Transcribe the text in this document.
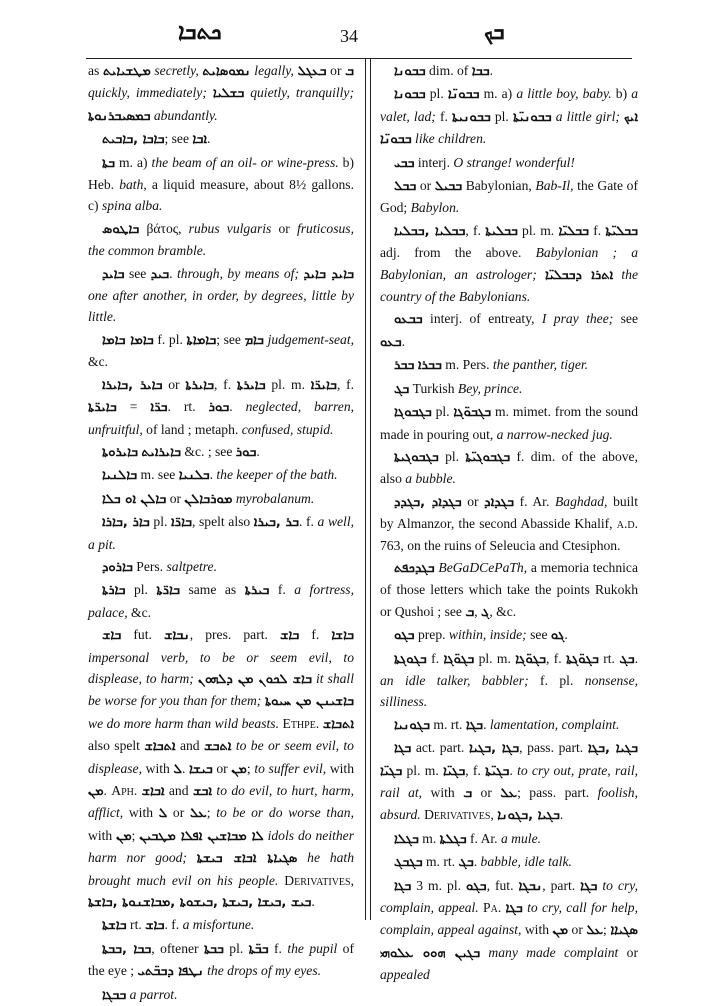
ܟܬܒܐ	34	ܒܟ

as ܡܛܫܝܐܝܬ secretly, ܢܡܘܣܐܝܬ legally, ܒܥܓܠ or ܒ quickly, immediately; ܒܫܠܝܐ quietly, tranquilly; ܒܡܣܝܒܪܢܘܬܐ abundantly.

ܒܐܒܐ ,ܒܐܒܝܬ; see ܐܒܐ.

ܒܬܐ m. a) the beam of an oil- or wine-press. b) Heb. bath, a liquid measure, about 8½ gallons. c) spina alba.

ܒܐܛܘܣ βάτος, rubus vulgaris or fruticosus, the common bramble.

ܒܐܝܕ see ܒܝܕ. through, by means of; ܒܐܝܕ ܒܐܝܕ one after another, in order, by degrees, little by little.

ܒܐܡܐ ܒܐܡܐ f. pl. ܒܐܡܐܬܐ; see ܒܐܡ judgement-seat, &c.

ܒܐܝܪ ,ܒܐܝܪܐ or ܒܐܝܪܬܐ, f. ܒܐܝܪܬܐ pl. m. ܒܐܝܪ̈ܐ, f. ܒܐܝܪ̈ܬܐ = ܒܪ̈ܐ. rt. ܒܘܪ. neglected, barren, unfruitful, of land ; metaph. confused, stupid.

ܒܐܝܪܘܬܐ ܒܐܝܪܐܝܬ &c. ; see ܒܘܪ.

ܒܐܠܢܝܐ m. see ܒܠܢܝܐ. the keeper of the bath.

ܒܐܠܢ ܐܘ ܒܠܐ or ܡܘܪܒܐܠܢ myrobalanum.

ܒܐܪ ,ܒܐܪܐ pl. ܒܐܪ̈ܐ, spelt also ܒܪ ,ܒܝܪܐ. f. a well, a pit.

ܒܐܪܘܕ Pers. saltpetre.

ܒܐܪܬܐ pl. ܒܐܪ̈ܬܐ same as ܒܝܪܬܐ f. a fortress, palace, &c.

ܒܐܫ fut. ܢܒܐܫ, pres. part. ܒܐܫ f. ܒܐܫܐ impersonal verb, to be or seem evil, to displease, to harm; ܒܐܫ ܠܟܘܢ ܡܢ ܕܠܗܘܢ it shall be worse for you than for them; ܒܐܫܝܢܢ ܡܢ ܚܝܘܬܐ we do more harm than wild beasts. Ethpe. ܐܬܒܐܫ also spelt ܐܬܒܐܫ and ܐܬܒܫ to be or seem evil, to displease, with ܠ. ܒܝܫܐ or ܡܢ; to suffer evil, with ܡܢ. Aph. ܐܒܐܫ and ܐܒܫ to do evil, to hurt, harm, afflict, with ܠ or ܥܠ; to be or do worse than, with ܡܢ; ܠܐ ܡܒܐܫܝܢ ܐܦܠܐ ܡܛܒܝܢ idols do neither harm nor good; ܣܓܝܐܬܐ ܐܒܐܫ ܒܝܫܬܐ he hath brought much evil on his people. Derivatives, ܒܝܫ ,ܒܝܫܐ ,ܒܝܫܬܐ ,ܒܝܫܘܬܐ ,ܡܒܐܫܢܘܬܐ ,ܒܐܫܬܐ.

ܒܐܫܬܐ rt. ܒܐܫ. f. a misfortune.

ܒܒܐ ,ܒܒܬܐ, oftener ܒܒܬܐ pl. ܒܒ̈ܬܐ f. the pupil of the eye ; ܢܛܦܐ ܕܒܒ̈ܬܝ the drops of my eyes.

ܒܒܓܐ a parrot.

ܒܒܘܢܐ dim. of ܒܒܐ.

ܒܒܘܢܐ pl. ܒܒܘܢ̈ܐ m. a) a little boy, baby. b) a valet, lad; f. ܒܒܘܢܝܬܐ pl. ܒܒܘܢܝ̈ܬܐ a little girl; ܐܝܟ ܒܒܘܢ̈ܐ like children.

ܒܒܝ interj. O strange! wonderful!

ܒܒܠ or ܒܒܝܠ Babylonian, Bab-Il, the Gate of God; Babylon.

ܒܒܠܝܐ ,ܒܒܠܝܐ, f. ܒܒܠܝܬܐ pl. m. ܒܒܠܝ̈ܐ f. ܒܒܠܝ̈ܬܐ adj. from the above. Babylonian ; a Babylonian, an astrologer; ܐܬܪܐ ܕܒܒܠܝ̈ܐ the country of the Babylonians.

ܒܒܥܘ interj. of entreaty, I pray thee; see ܒܥܘ.

ܒܒܪ ܒܒܪܐ m. Pers. the panther, tiger.

ܒܓ Turkish Bey, prince.

ܒܓܒܘܓܐ pl. ܒܓܒܘ̈ܓܐ m. mimet. from the sound made in pouring out, a narrow-necked jug.

ܒܓܒܘܓܝܬܐ pl. ܒܓܒܘܓܝ̈ܬܐ f. dim. of the above, also a bubble.

ܒܓܕܐܕ ,ܒܓܕܕ or ܒܓܕܐܕ f. Ar. Baghdad, built by Almanzor, the second Abasside Khalif, a.d. 763, on the ruins of Seleucia and Ctesiphon.

ܒܓܕܟܦܬ BeGaDCePaTh, a memoria technica of those letters which take the points Rukokh or Qushoi ; see ܒ, ܓ, &c.

ܒܓܘ prep. within, inside; see ܓܘ.

ܒܓܘܓܬܐ f. ܒܓܘ̈ܓܐ pl. m. ܒܓܘ̈ܓܐ, f. ܒܓܘ̈ܓܬܐ rt. ܒܓ. an idle talker, babbler; f. pl. nonsense, silliness.

ܒܓܘܢܝܐ m. rt. ܒܓܐ. lamentation, complaint.

ܒܓܐ act. part. ܒܓܐ ,ܒܓܝܐ, pass. part. ܒܓܝܐ ,ܒܓܐ ܒܓܝ̈ܐ pl. m. ܒܓܝ̈ܐ, f. ܒܓܝ̈ܬܐ. to cry out, prate, rail, rail at, with ܒ or ܥܠ; pass. part. foolish, absurd. Derivatives, ܒܓܝܐ ,ܒܓܘܢܐ.

ܒܓܠܐ m. ܒܓܠܬܐ f. Ar. a mule.

ܒܓܒܓ m. rt. ܒܓ. babble, idle talk.

ܒܓܐ 3 m. pl. ܒܓܘ, fut. ܢܒܓܐ, part. ܒܓܐ to cry, complain, appeal. Pa. ܒܓܐ to cry, call for help, complain, appeal against, with ܡܢ or ܥܠ; ܣܓܝܐܐ ܒܓܝܢ ܗܘܘ ܥܠܘܗܝ many made complaint or appealed
